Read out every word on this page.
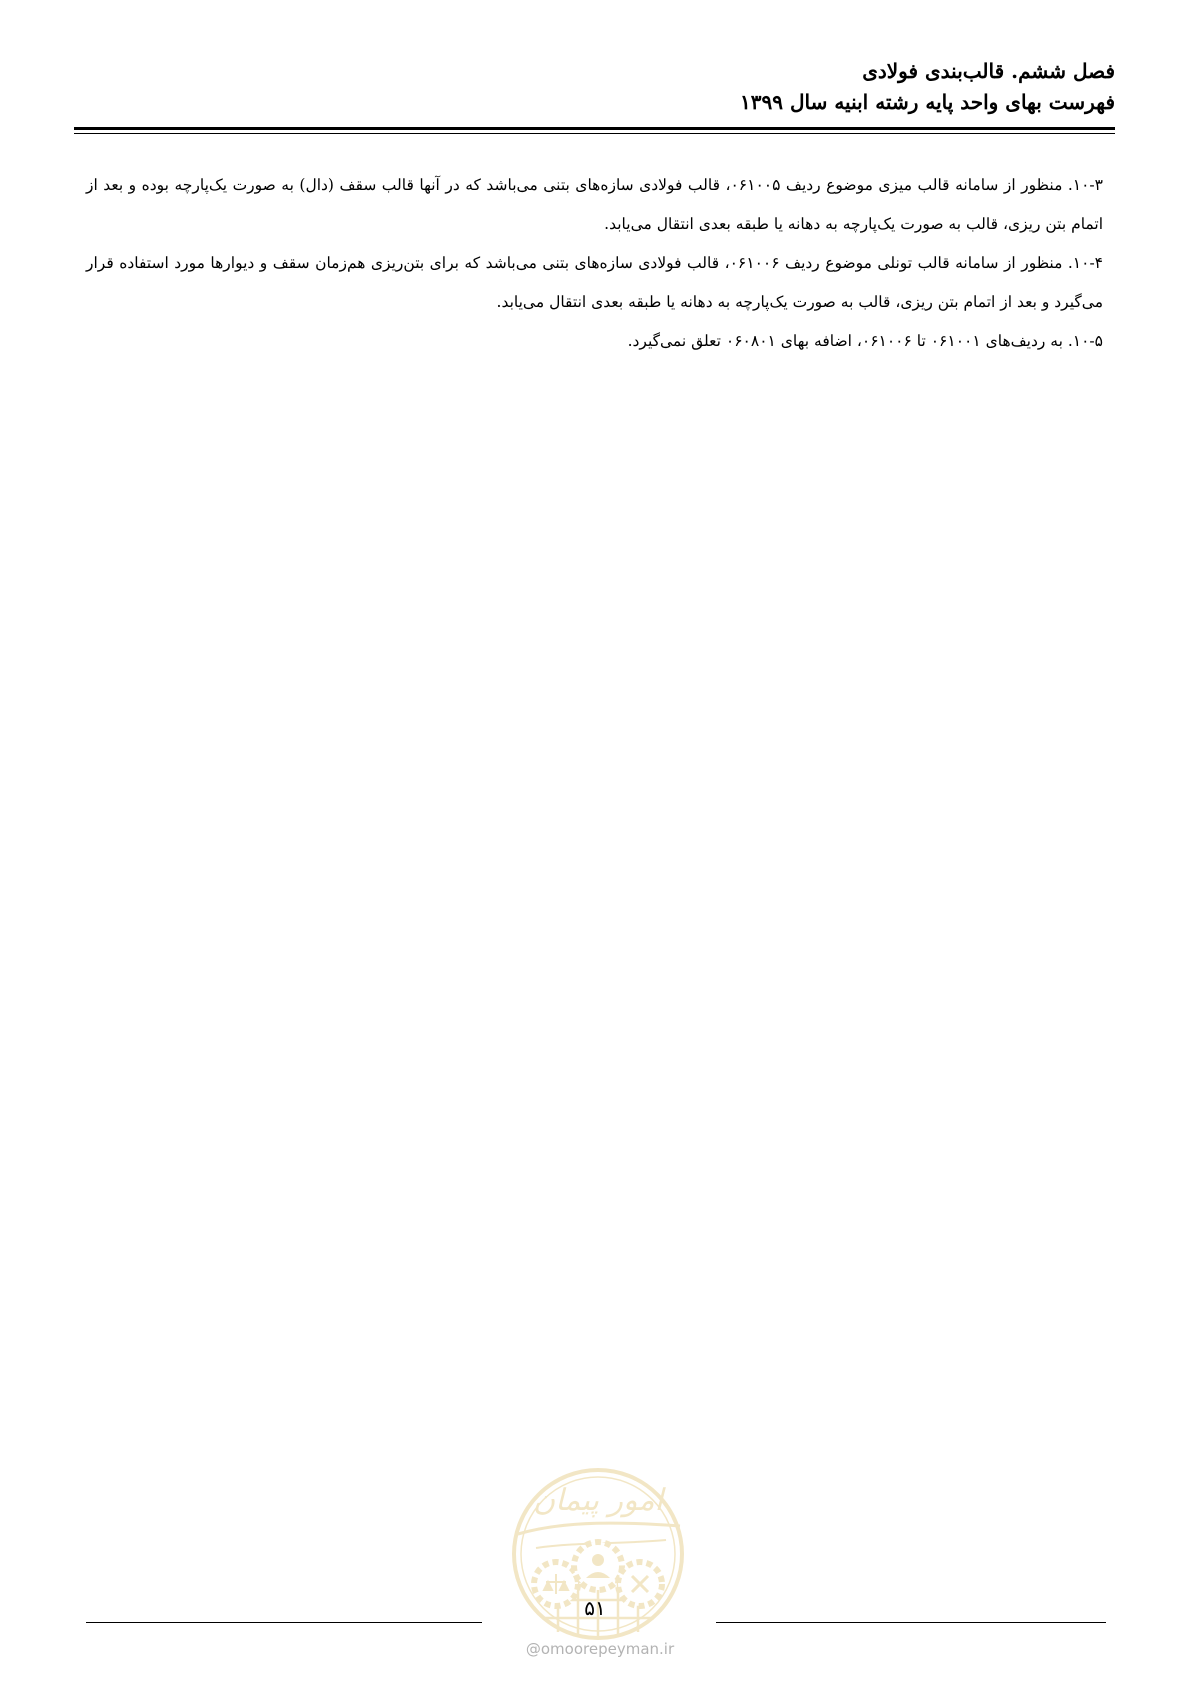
فصل ششم. قالب‌بندی فولادی
فهرست بهای واحد پایه رشته ابنیه سال ۱۳۹۹

۱۰-۳. منظور از سامانه قالب میزی موضوع ردیف ۰۶۱۰۰۵، قالب فولادی سازه‌های بتنی می‌باشد که در آنها قالب سقف (دال) به صورت یک‌پارچه بوده و بعد از اتمام بتن ریزی، قالب به صورت یک‌پارچه به دهانه یا طبقه بعدی انتقال می‌یابد.

۱۰-۴. منظور از سامانه قالب تونلی موضوع ردیف ۰۶۱۰۰۶، قالب فولادی سازه‌های بتنی می‌باشد که برای بتن‌ریزی هم‌زمان سقف و دیوارها مورد استفاده قرار می‌گیرد و بعد از اتمام بتن ریزی، قالب به صورت یک‌پارچه به دهانه یا طبقه بعدی انتقال می‌یابد.

۱۰-۵. به ردیف‌های ۰۶۱۰۰۱ تا ۰۶۱۰۰۶، اضافه بهای ۰۶۰۸۰۱ تعلق نمی‌گیرد.

امور پیمان
۵۱
@omoorepeyman.ir
